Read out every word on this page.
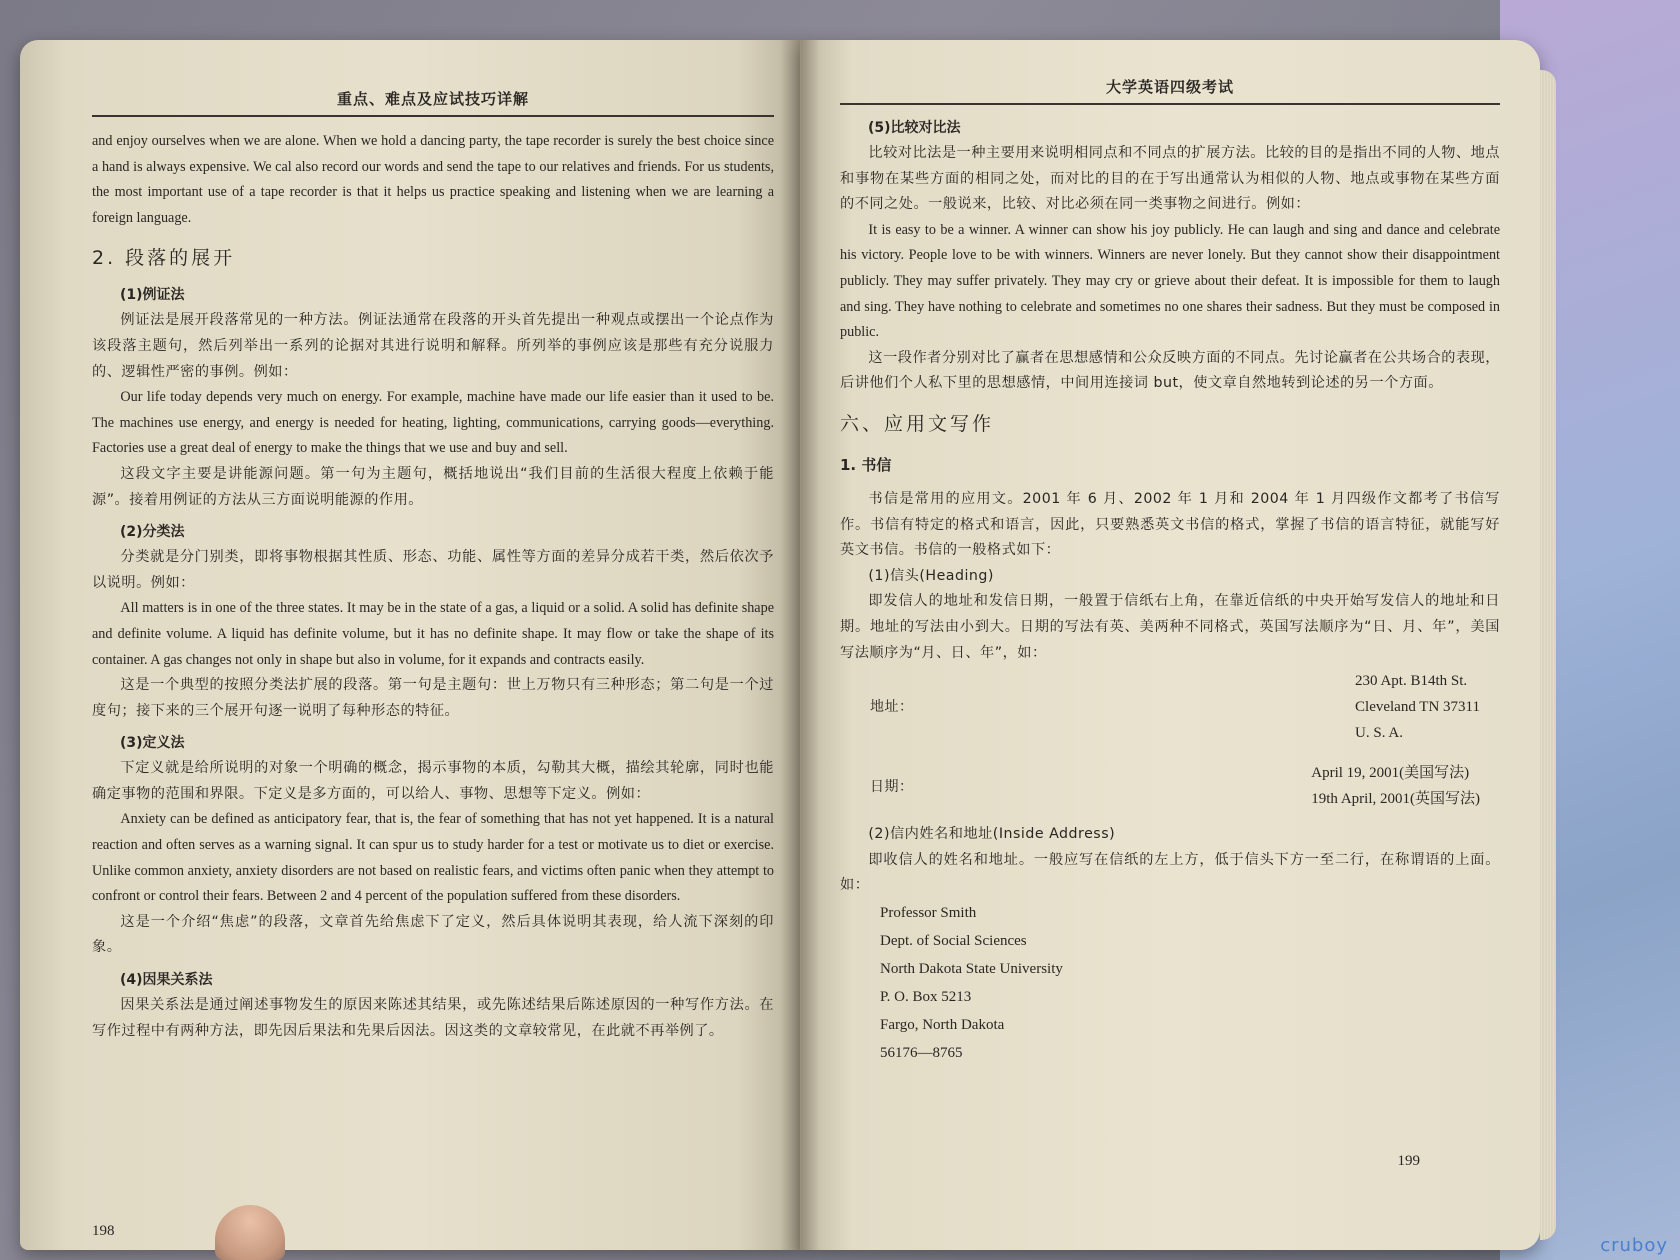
重点、难点及应试技巧详解

and enjoy ourselves when we are alone. When we hold a dancing party, the tape recorder is surely the best choice since a hand is always expensive. We cal also record our words and send the tape to our relatives and friends. For us students, the most important use of a tape recorder is that it helps us practice speaking and listening when we are learning a foreign language.

2. 段落的展开
(1)例证法

例证法是展开段落常见的一种方法。例证法通常在段落的开头首先提出一种观点或摆出一个论点作为该段落主题句，然后列举出一系列的论据对其进行说明和解释。所列举的事例应该是那些有充分说服力的、逻辑性严密的事例。例如：

Our life today depends very much on energy. For example, machine have made our life easier than it used to be. The machines use energy, and energy is needed for heating, lighting, communications, carrying goods—everything. Factories use a great deal of energy to make the things that we use and buy and sell.

这段文字主要是讲能源问题。第一句为主题句，概括地说出“我们目前的生活很大程度上依赖于能源”。接着用例证的方法从三方面说明能源的作用。

(2)分类法

分类就是分门别类，即将事物根据其性质、形态、功能、属性等方面的差异分成若干类，然后依次予以说明。例如：

All matters is in one of the three states. It may be in the state of a gas, a liquid or a solid. A solid has definite shape and definite volume. A liquid has definite volume, but it has no definite shape. It may flow or take the shape of its container. A gas changes not only in shape but also in volume, for it expands and contracts easily.

这是一个典型的按照分类法扩展的段落。第一句是主题句：世上万物只有三种形态；第二句是一个过度句；接下来的三个展开句逐一说明了每种形态的特征。

(3)定义法

下定义就是给所说明的对象一个明确的概念，揭示事物的本质，勾勒其大概，描绘其轮廓，同时也能确定事物的范围和界限。下定义是多方面的，可以给人、事物、思想等下定义。例如：

Anxiety can be defined as anticipatory fear, that is, the fear of something that has not yet happened. It is a natural reaction and often serves as a warning signal. It can spur us to study harder for a test or motivate us to diet or exercise. Unlike common anxiety, anxiety disorders are not based on realistic fears, and victims often panic when they attempt to confront or control their fears. Between 2 and 4 percent of the population suffered from these disorders.

这是一个介绍“焦虑”的段落，文章首先给焦虑下了定义，然后具体说明其表现，给人流下深刻的印象。

(4)因果关系法

因果关系法是通过阐述事物发生的原因来陈述其结果，或先陈述结果后陈述原因的一种写作方法。在写作过程中有两种方法，即先因后果法和先果后因法。因这类的文章较常见，在此就不再举例了。

198
大学英语四级考试
(5)比较对比法

比较对比法是一种主要用来说明相同点和不同点的扩展方法。比较的目的是指出不同的人物、地点和事物在某些方面的相同之处，而对比的目的在于写出通常认为相似的人物、地点或事物在某些方面的不同之处。一般说来，比较、对比必须在同一类事物之间进行。例如：

It is easy to be a winner. A winner can show his joy publicly. He can laugh and sing and dance and celebrate his victory. People love to be with winners. Winners are never lonely. But they cannot show their disappointment publicly. They may suffer privately. They may cry or grieve about their defeat. It is impossible for them to laugh and sing. They have nothing to celebrate and sometimes no one shares their sadness. But they must be composed in public.

这一段作者分别对比了赢者在思想感情和公众反映方面的不同点。先讨论赢者在公共场合的表现，后讲他们个人私下里的思想感情，中间用连接词 but，使文章自然地转到论述的另一个方面。

六、应用文写作
1. 书信

书信是常用的应用文。2001 年 6 月、2002 年 1 月和 2004 年 1 月四级作文都考了书信写作。书信有特定的格式和语言，因此，只要熟悉英文书信的格式，掌握了书信的语言特征，就能写好英文书信。书信的一般格式如下：

(1)信头(Heading)

即发信人的地址和发信日期，一般置于信纸右上角，在靠近信纸的中央开始写发信人的地址和日期。地址的写法由小到大。日期的写法有英、美两种不同格式，英国写法顺序为“日、月、年”，美国写法顺序为“月、日、年”，如：

地址：
230 Apt. B14th St.
Cleveland TN 37311
U. S. A.
日期：
April 19, 2001(美国写法)
19th April, 2001(英国写法)

(2)信内姓名和地址(Inside Address)

即收信人的姓名和地址。一般应写在信纸的左上方，低于信头下方一至二行，在称谓语的上面。如：

Professor Smith
Dept. of Social Sciences
North Dakota State University
P. O. Box 5213
Fargo, North Dakota
56176—8765
199
cruboy
